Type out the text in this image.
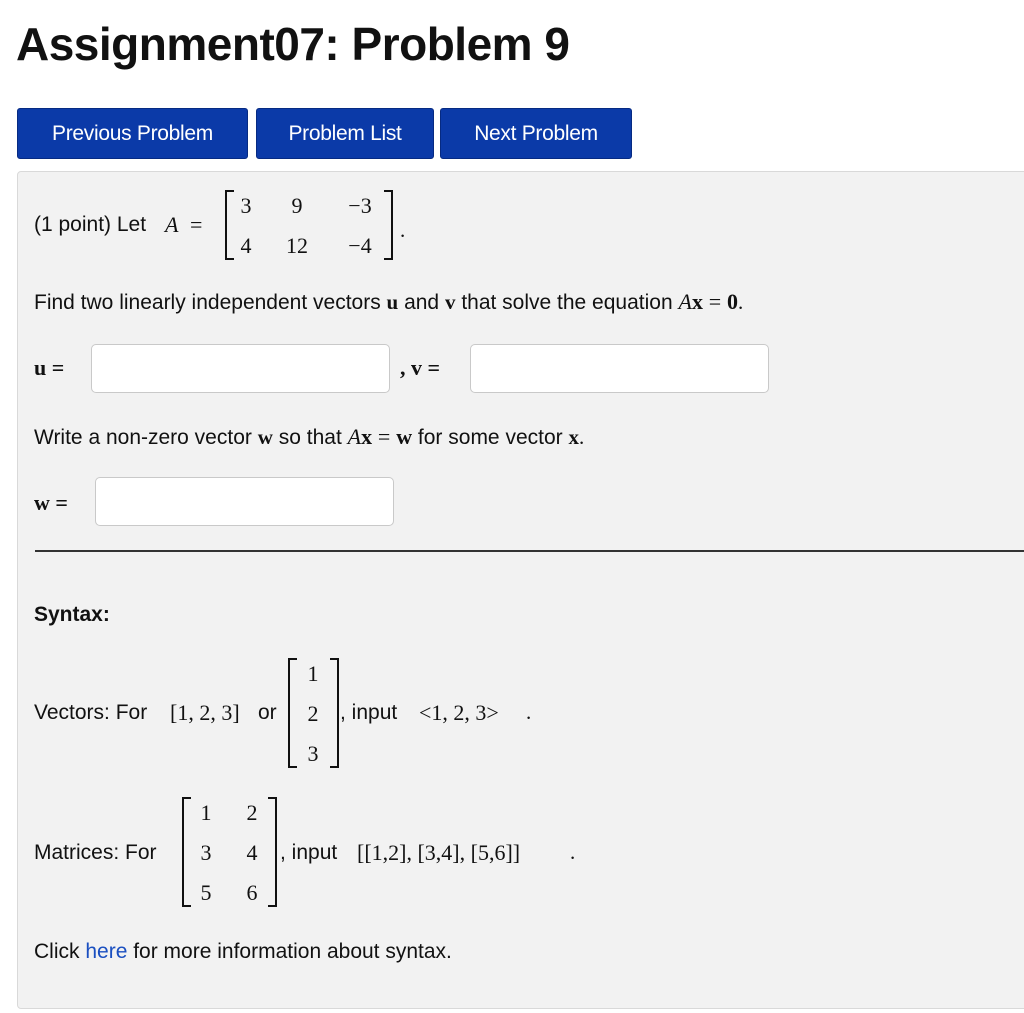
Assignment07: Problem 9
Previous Problem	Problem List	Next Problem
(1 point) Let A =
3	9	−3
4	12	−4
.
Find two linearly independent vectors u and v that solve the equation Ax = 0.
u =	, v =
Write a non-zero vector w so that Ax = w for some vector x.
w =
Syntax:
Vectors: For [1, 2, 3] or
1
2
3
, input <1, 2, 3> .
Matrices: For
1	2
3	4
5	6
, input [[1,2], [3,4], [5,6]] .
Click here for more information about syntax.
